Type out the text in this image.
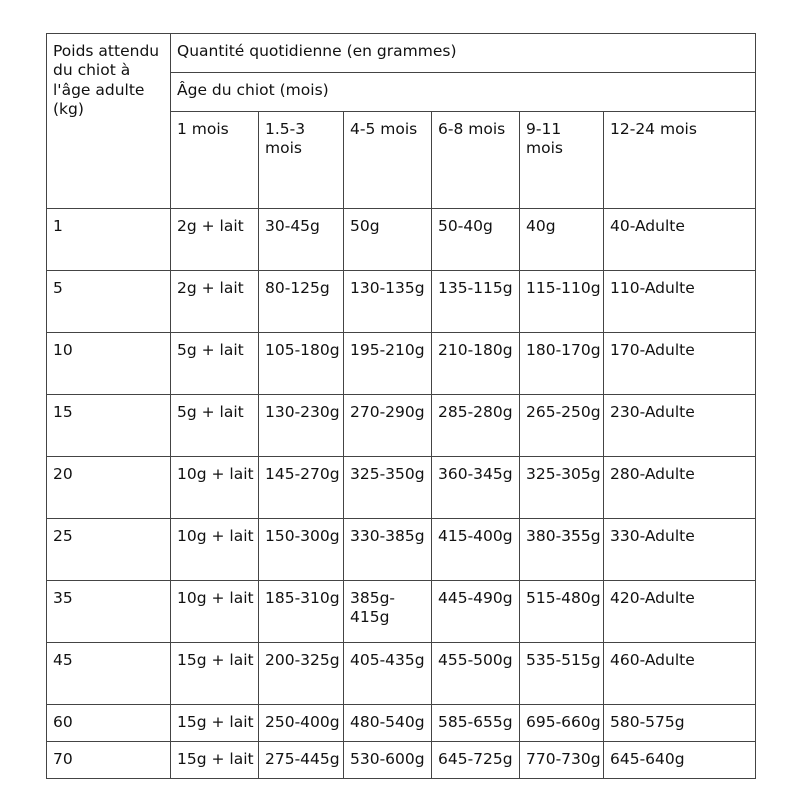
Poids attendu du chiot à l'âge adulte (kg)	Quantité quotidienne (en grammes)					
	Âge du chiot (mois)					
	1 mois	1.5-3 mois	4-5 mois	6-8 mois	9-11 mois	12-24 mois
1	2g + lait	30-45g	50g	50-40g	40g	40-Adulte
5	2g + lait	80-125g	130-135g	135-115g	115-110g	110-Adulte
10	5g + lait	105-180g	195-210g	210-180g	180-170g	170-Adulte
15	5g + lait	130-230g	270-290g	285-280g	265-250g	230-Adulte
20	10g + lait	145-270g	325-350g	360-345g	325-305g	280-Adulte
25	10g + lait	150-300g	330-385g	415-400g	380-355g	330-Adulte
35	10g + lait	185-310g	385g-415g	445-490g	515-480g	420-Adulte
45	15g + lait	200-325g	405-435g	455-500g	535-515g	460-Adulte
60	15g + lait	250-400g	480-540g	585-655g	695-660g	580-575g
70	15g + lait	275-445g	530-600g	645-725g	770-730g	645-640g
